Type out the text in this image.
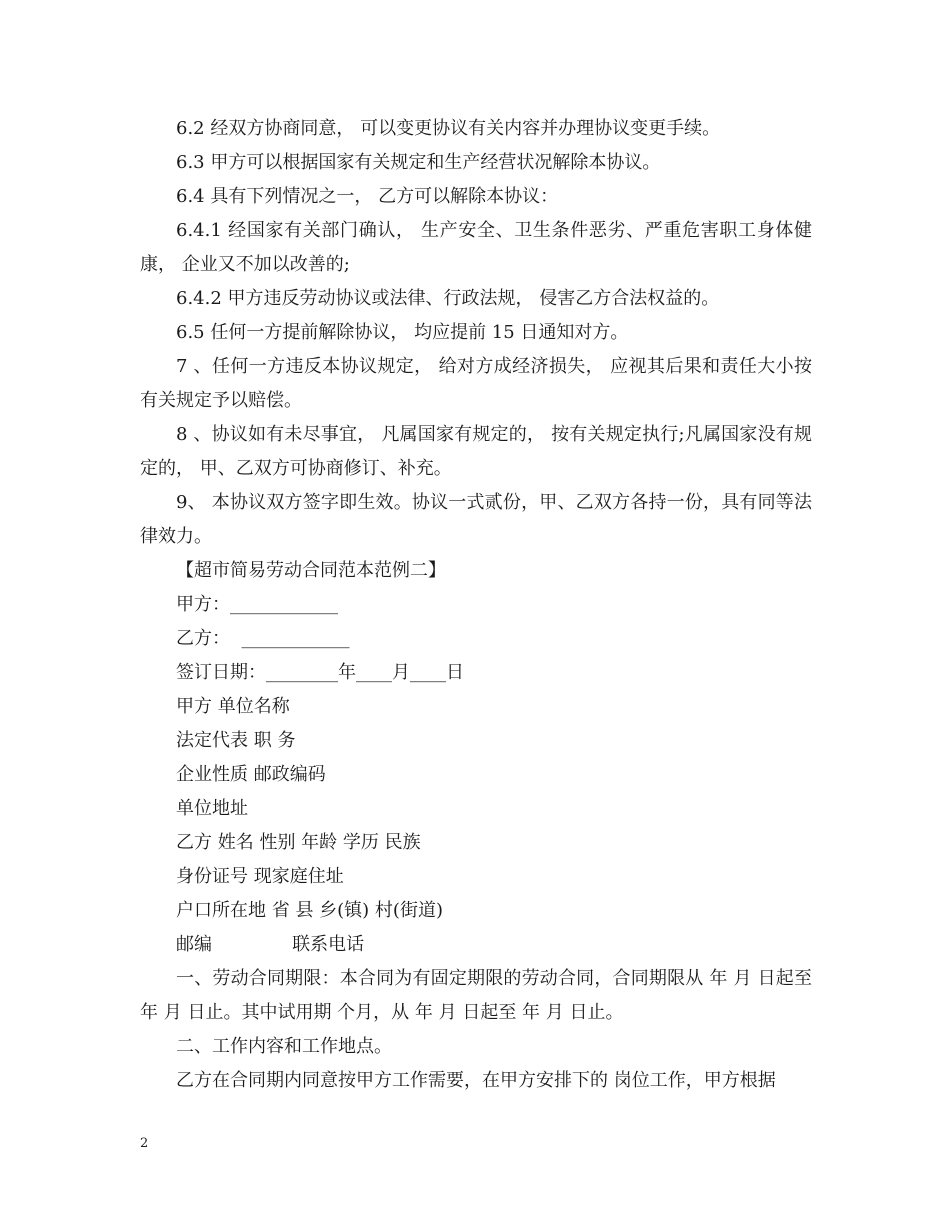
6.2 经双方协商同意， 可以变更协议有关内容并办理协议变更手续。

6.3 甲方可以根据国家有关规定和生产经营状况解除本协议。

6.4 具有下列情况之一， 乙方可以解除本协议：

6.4.1 经国家有关部门确认， 生产安全、卫生条件恶劣、严重危害职工身体健康， 企业又不加以改善的;

6.4.2 甲方违反劳动协议或法律、行政法规， 侵害乙方合法权益的。

6.5 任何一方提前解除协议， 均应提前 15 日通知对方。

7 、任何一方违反本协议规定， 给对方成经济损失， 应视其后果和责任大小按有关规定予以赔偿。

8 、协议如有未尽事宜， 凡属国家有规定的， 按有关规定执行;凡属国家没有规定的， 甲、乙双方可协商修订、补充。

9、 本协议双方签字即生效。协议一式贰份，甲、乙双方各持一份，具有同等法律效力。

【超市简易劳动合同范本范例二】

甲方：____________

乙方：  ____________

签订日期：________年____月____日

甲方 单位名称

法定代表 职 务

企业性质 邮政编码

单位地址

乙方 姓名 性别 年龄 学历 民族

身份证号 现家庭住址

户口所在地 省 县 乡(镇) 村(街道)

邮编              联系电话

一、劳动合同期限：本合同为有固定期限的劳动合同，合同期限从 年 月 日起至 年 月 日止。其中试用期 个月，从 年 月 日起至 年 月 日止。

二、工作内容和工作地点。

乙方在合同期内同意按甲方工作需要，在甲方安排下的 岗位工作，甲方根据

2
